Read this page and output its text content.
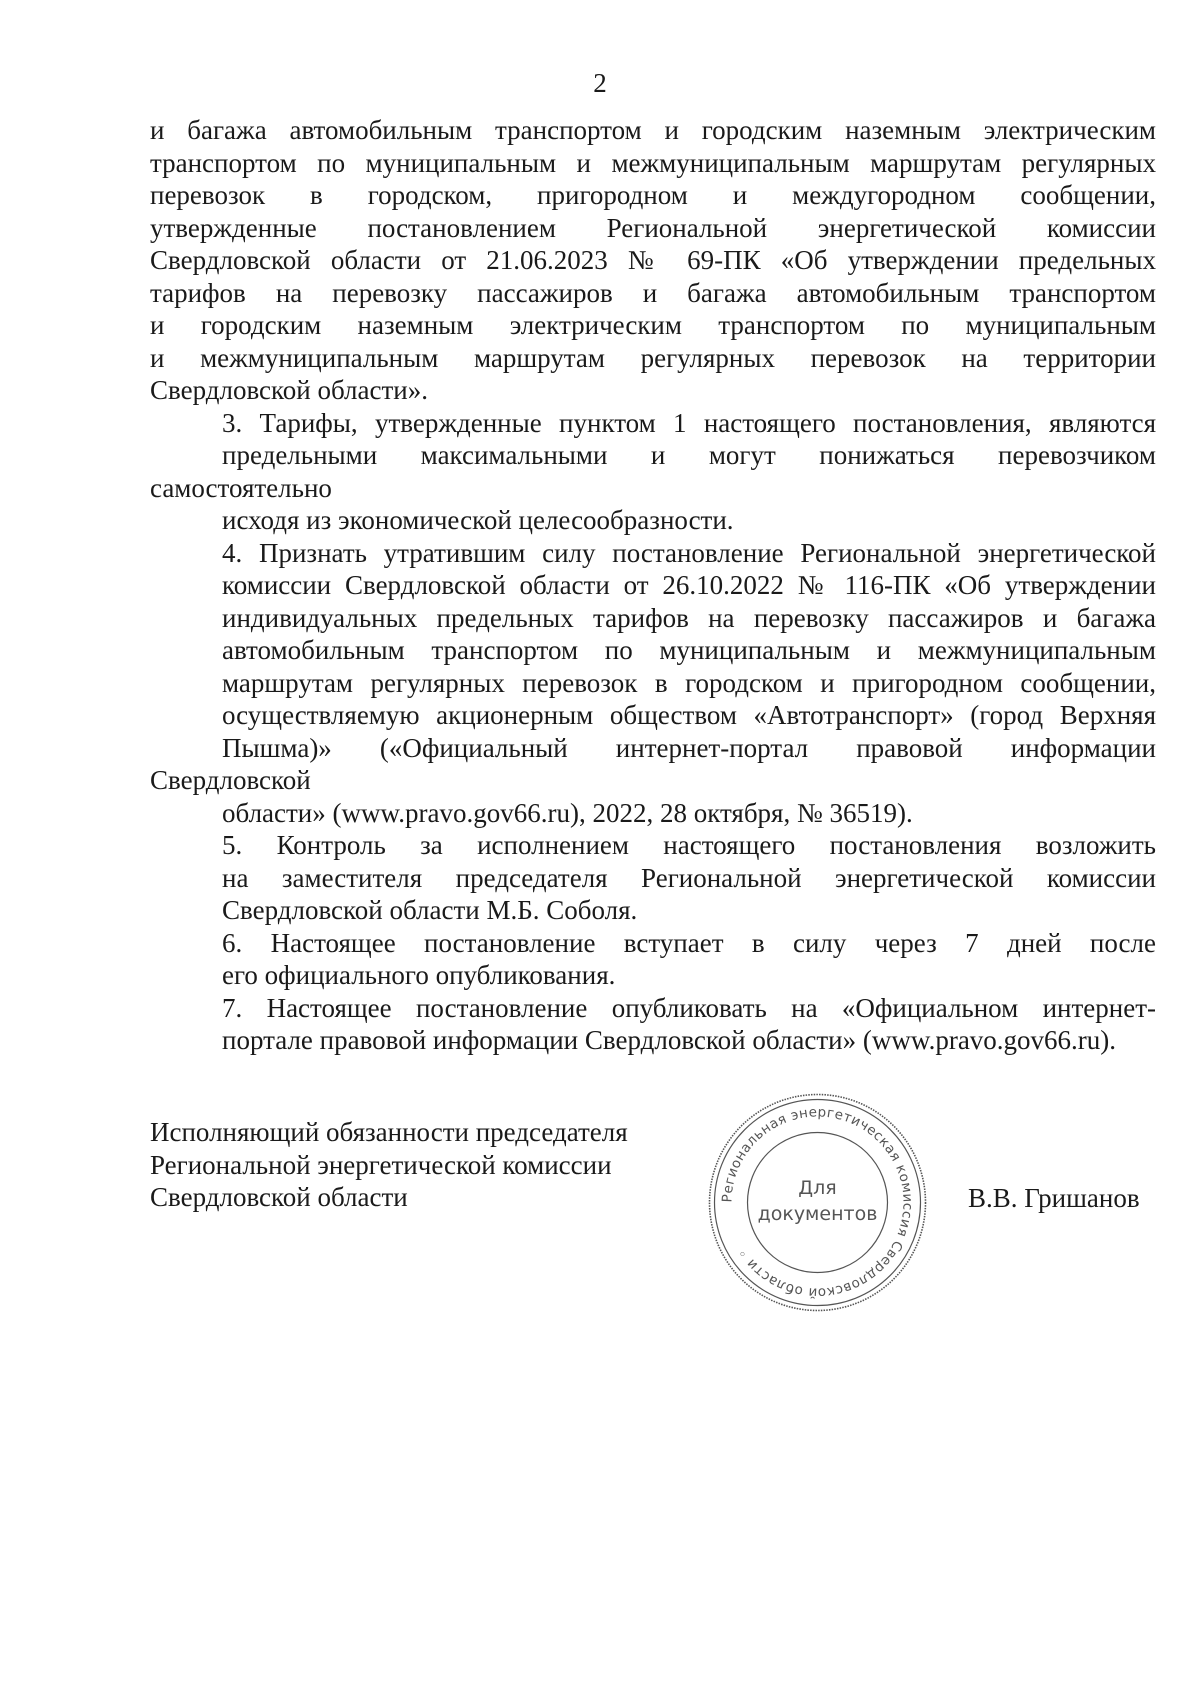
2

и багажа автомобильным транспортом и городским наземным электрическим
транспортом по муниципальным и межмуниципальным маршрутам регулярных
перевозок в городском, пригородном и междугородном сообщении,
утвержденные постановлением Региональной энергетической комиссии
Свердловской области от 21.06.2023 № 69-ПК «Об утверждении предельных
тарифов на перевозку пассажиров и багажа автомобильным транспортом
и городским наземным электрическим транспортом по муниципальным
и межмуниципальным маршрутам регулярных перевозок на территории
Свердловской области».

3. Тарифы, утвержденные пунктом 1 настоящего постановления, являются
предельными максимальными и могут понижаться перевозчиком самостоятельно
исходя из экономической целесообразности.

4. Признать утратившим силу постановление Региональной энергетической
комиссии Свердловской области от 26.10.2022 № 116-ПК «Об утверждении
индивидуальных предельных тарифов на перевозку пассажиров и багажа
автомобильным транспортом по муниципальным и межмуниципальным
маршрутам регулярных перевозок в городском и пригородном сообщении,
осуществляемую акционерным обществом «Автотранспорт» (город Верхняя
Пышма)» («Официальный интернет-портал правовой информации Свердловской
области» (www.pravo.gov66.ru), 2022, 28 октября, № 36519).

5. Контроль за исполнением настоящего постановления возложить
на заместителя председателя Региональной энергетической комиссии
Свердловской области М.Б. Соболя.

6. Настоящее постановление вступает в силу через 7 дней после
его официального опубликования.

7. Настоящее постановление опубликовать на «Официальном интернет-
портале правовой информации Свердловской области» (www.pravo.gov66.ru).

Исполняющий обязанности председателя
Региональной энергетической комиссии
Свердловской области	Региональная энергетическая комиссия Свердловской области ◦
Для
документов
В.В. Гришанов
